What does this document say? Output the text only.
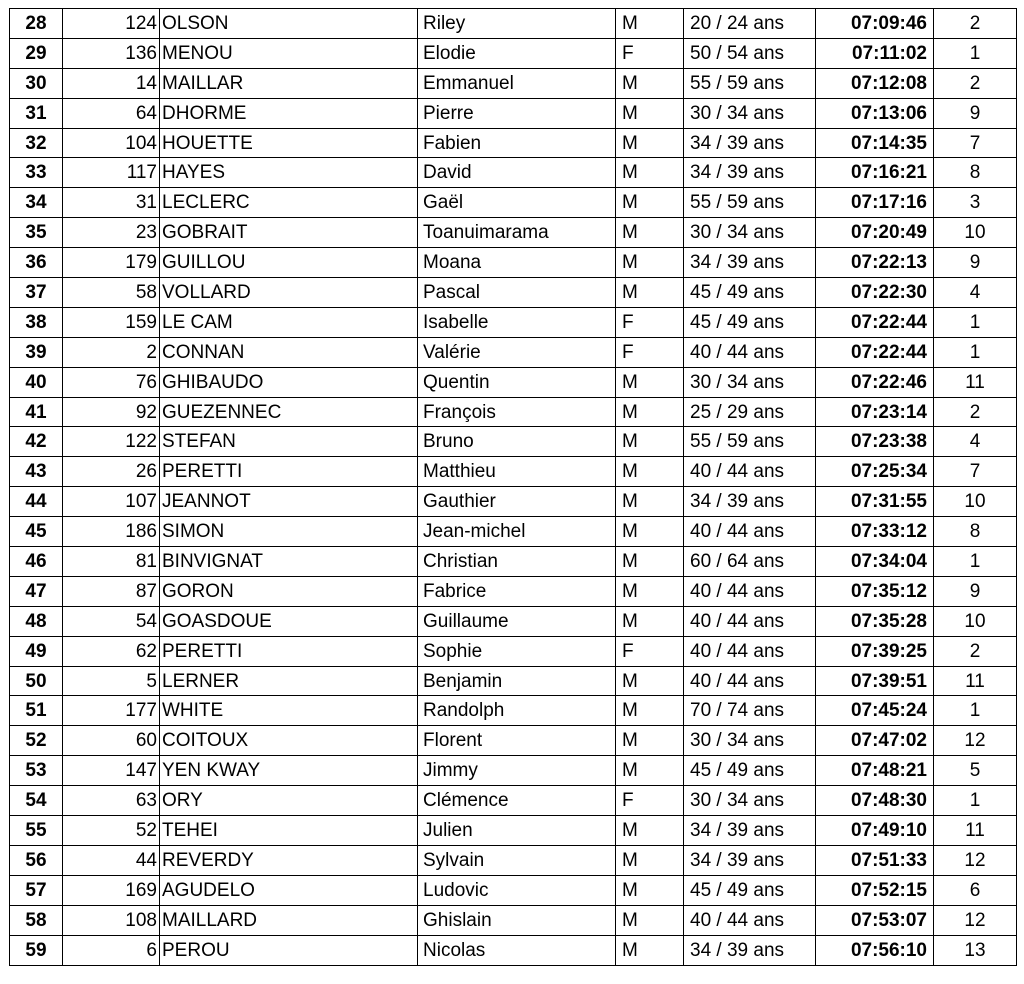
28	124	OLSON	Riley	M	20 / 24 ans	07:09:46	2
29	136	MENOU	Elodie	F	50 / 54 ans	07:11:02	1
30	14	MAILLAR	Emmanuel	M	55 / 59 ans	07:12:08	2
31	64	DHORME	Pierre	M	30 / 34 ans	07:13:06	9
32	104	HOUETTE	Fabien	M	34 / 39 ans	07:14:35	7
33	117	HAYES	David	M	34 / 39 ans	07:16:21	8
34	31	LECLERC	Gaël	M	55 / 59 ans	07:17:16	3
35	23	GOBRAIT	Toanuimarama	M	30 / 34 ans	07:20:49	10
36	179	GUILLOU	Moana	M	34 / 39 ans	07:22:13	9
37	58	VOLLARD	Pascal	M	45 / 49 ans	07:22:30	4
38	159	LE CAM	Isabelle	F	45 / 49 ans	07:22:44	1
39	2	CONNAN	Valérie	F	40 / 44 ans	07:22:44	1
40	76	GHIBAUDO	Quentin	M	30 / 34 ans	07:22:46	11
41	92	GUEZENNEC	François	M	25 / 29 ans	07:23:14	2
42	122	STEFAN	Bruno	M	55 / 59 ans	07:23:38	4
43	26	PERETTI	Matthieu	M	40 / 44 ans	07:25:34	7
44	107	JEANNOT	Gauthier	M	34 / 39 ans	07:31:55	10
45	186	SIMON	Jean-michel	M	40 / 44 ans	07:33:12	8
46	81	BINVIGNAT	Christian	M	60 / 64 ans	07:34:04	1
47	87	GORON	Fabrice	M	40 / 44 ans	07:35:12	9
48	54	GOASDOUE	Guillaume	M	40 / 44 ans	07:35:28	10
49	62	PERETTI	Sophie	F	40 / 44 ans	07:39:25	2
50	5	LERNER	Benjamin	M	40 / 44 ans	07:39:51	11
51	177	WHITE	Randolph	M	70 / 74 ans	07:45:24	1
52	60	COITOUX	Florent	M	30 / 34 ans	07:47:02	12
53	147	YEN KWAY	Jimmy	M	45 / 49 ans	07:48:21	5
54	63	ORY	Clémence	F	30 / 34 ans	07:48:30	1
55	52	TEHEI	Julien	M	34 / 39 ans	07:49:10	11
56	44	REVERDY	Sylvain	M	34 / 39 ans	07:51:33	12
57	169	AGUDELO	Ludovic	M	45 / 49 ans	07:52:15	6
58	108	MAILLARD	Ghislain	M	40 / 44 ans	07:53:07	12
59	6	PEROU	Nicolas	M	34 / 39 ans	07:56:10	13
